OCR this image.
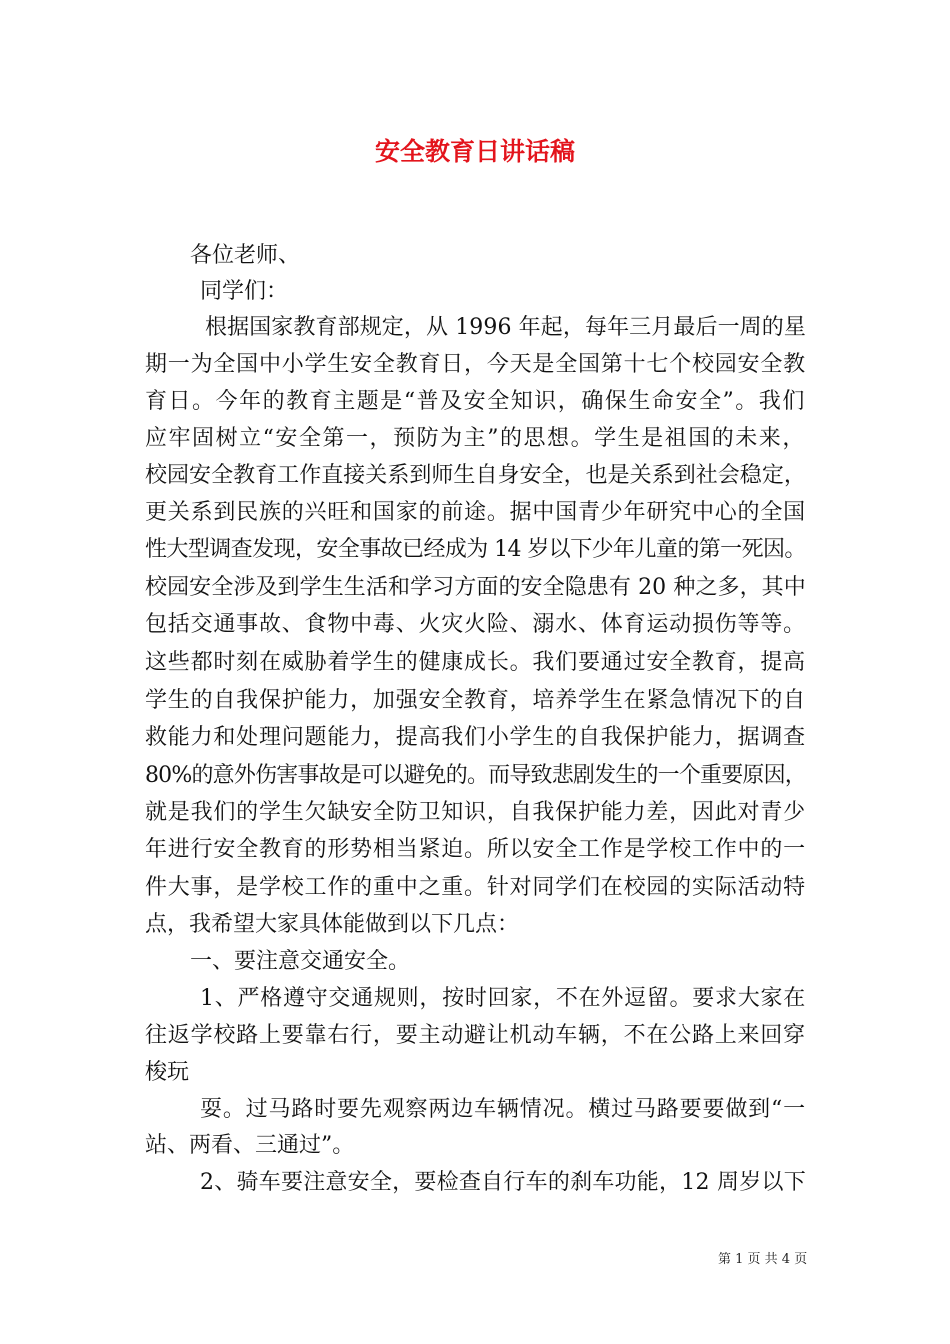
安全教育日讲话稿
各位老师、
同学们：
根据国家教育部规定，从 1996 年起，每年三月最后一周的星
期一为全国中小学生安全教育日，今天是全国第十七个校园安全教
育日。今年的教育主题是“普及安全知识，确保生命安全”。我们
应牢固树立“安全第一，预防为主”的思想。学生是祖国的未来，
校园安全教育工作直接关系到师生自身安全，也是关系到社会稳定，
更关系到民族的兴旺和国家的前途。据中国青少年研究中心的全国
性大型调查发现，安全事故已经成为 14 岁以下少年儿童的第一死因。
校园安全涉及到学生生活和学习方面的安全隐患有 20 种之多，其中
包括交通事故、食物中毒、火灾火险、溺水、体育运动损伤等等。
这些都时刻在威胁着学生的健康成长。我们要通过安全教育，提高
学生的自我保护能力，加强安全教育，培养学生在紧急情况下的自
救能力和处理问题能力，提高我们小学生的自我保护能力，据调查
80%的意外伤害事故是可以避免的。而导致悲剧发生的一个重要原因，
就是我们的学生欠缺安全防卫知识，自我保护能力差，因此对青少
年进行安全教育的形势相当紧迫。所以安全工作是学校工作中的一
件大事，是学校工作的重中之重。针对同学们在校园的实际活动特
点，我希望大家具体能做到以下几点：
一、要注意交通安全。
1、严格遵守交通规则，按时回家，不在外逗留。要求大家在
往返学校路上要靠右行，要主动避让机动车辆，不在公路上来回穿
梭玩
耍。过马路时要先观察两边车辆情况。横过马路要要做到“一
站、两看、三通过”。
2、骑车要注意安全，要检查自行车的刹车功能，12 周岁以下
第 1 页 共 4 页
